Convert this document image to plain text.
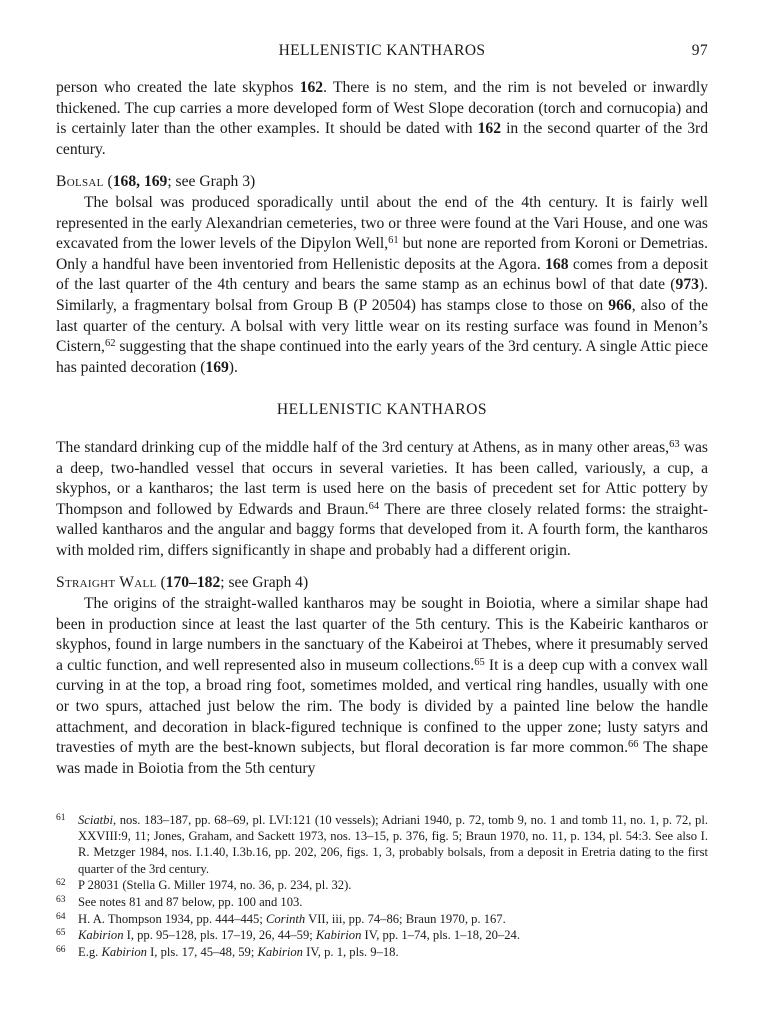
HELLENISTIC KANTHAROS	97

person who created the late skyphos 162. There is no stem, and the rim is not beveled or inwardly thickened. The cup carries a more developed form of West Slope decoration (torch and cornucopia) and is certainly later than the other examples. It should be dated with 162 in the second quarter of the 3rd century.

Bolsal (168, 169; see Graph 3)

The bolsal was produced sporadically until about the end of the 4th century. It is fairly well represented in the early Alexandrian cemeteries, two or three were found at the Vari House, and one was excavated from the lower levels of the Dipylon Well,$^{61}$ but none are reported from Koroni or Demetrias. Only a handful have been inventoried from Hellenistic deposits at the Agora. 168 comes from a deposit of the last quarter of the 4th century and bears the same stamp as an echinus bowl of that date (973). Similarly, a fragmentary bolsal from Group B (P 20504) has stamps close to those on 966, also of the last quarter of the century. A bolsal with very little wear on its resting surface was found in Menon’s Cistern,$^{62}$ suggesting that the shape continued into the early years of the 3rd century. A single Attic piece has painted decoration (169).

HELLENISTIC KANTHAROS

The standard drinking cup of the middle half of the 3rd century at Athens, as in many other areas,$^{63}$ was a deep, two-handled vessel that occurs in several varieties. It has been called, variously, a cup, a skyphos, or a kantharos; the last term is used here on the basis of precedent set for Attic pottery by Thompson and followed by Edwards and Braun.$^{64}$ There are three closely related forms: the straight-walled kantharos and the angular and baggy forms that developed from it. A fourth form, the kantharos with molded rim, differs significantly in shape and probably had a different origin.

Straight Wall (170–182; see Graph 4)

The origins of the straight-walled kantharos may be sought in Boiotia, where a similar shape had been in production since at least the last quarter of the 5th century. This is the Kabeiric kantharos or skyphos, found in large numbers in the sanctuary of the Kabeiroi at Thebes, where it presumably served a cultic function, and well represented also in museum collections.$^{65}$ It is a deep cup with a convex wall curving in at the top, a broad ring foot, sometimes molded, and vertical ring handles, usually with one or two spurs, attached just below the rim. The body is divided by a painted line below the handle attachment, and decoration in black-figured technique is confined to the upper zone; lusty satyrs and travesties of myth are the best-known subjects, but floral decoration is far more common.$^{66}$ The shape was made in Boiotia from the 5th century

61 Sciatbi, nos. 183–187, pp. 68–69, pl. LVI:121 (10 vessels); Adriani 1940, p. 72, tomb 9, no. 1 and tomb 11, no. 1, p. 72, pl. XXVIII:9, 11; Jones, Graham, and Sackett 1973, nos. 13–15, p. 376, fig. 5; Braun 1970, no. 11, p. 134, pl. 54:3. See also I. R. Metzger 1984, nos. I.1.40, I.3b.16, pp. 202, 206, figs. 1, 3, probably bolsals, from a deposit in Eretria dating to the first quarter of the 3rd century.
62 P 28031 (Stella G. Miller 1974, no. 36, p. 234, pl. 32).
63 See notes 81 and 87 below, pp. 100 and 103.
64 H. A. Thompson 1934, pp. 444–445; Corinth VII, iii, pp. 74–86; Braun 1970, p. 167.
65 Kabirion I, pp. 95–128, pls. 17–19, 26, 44–59; Kabirion IV, pp. 1–74, pls. 1–18, 20–24.
66 E.g. Kabirion I, pls. 17, 45–48, 59; Kabirion IV, p. 1, pls. 9–18.
